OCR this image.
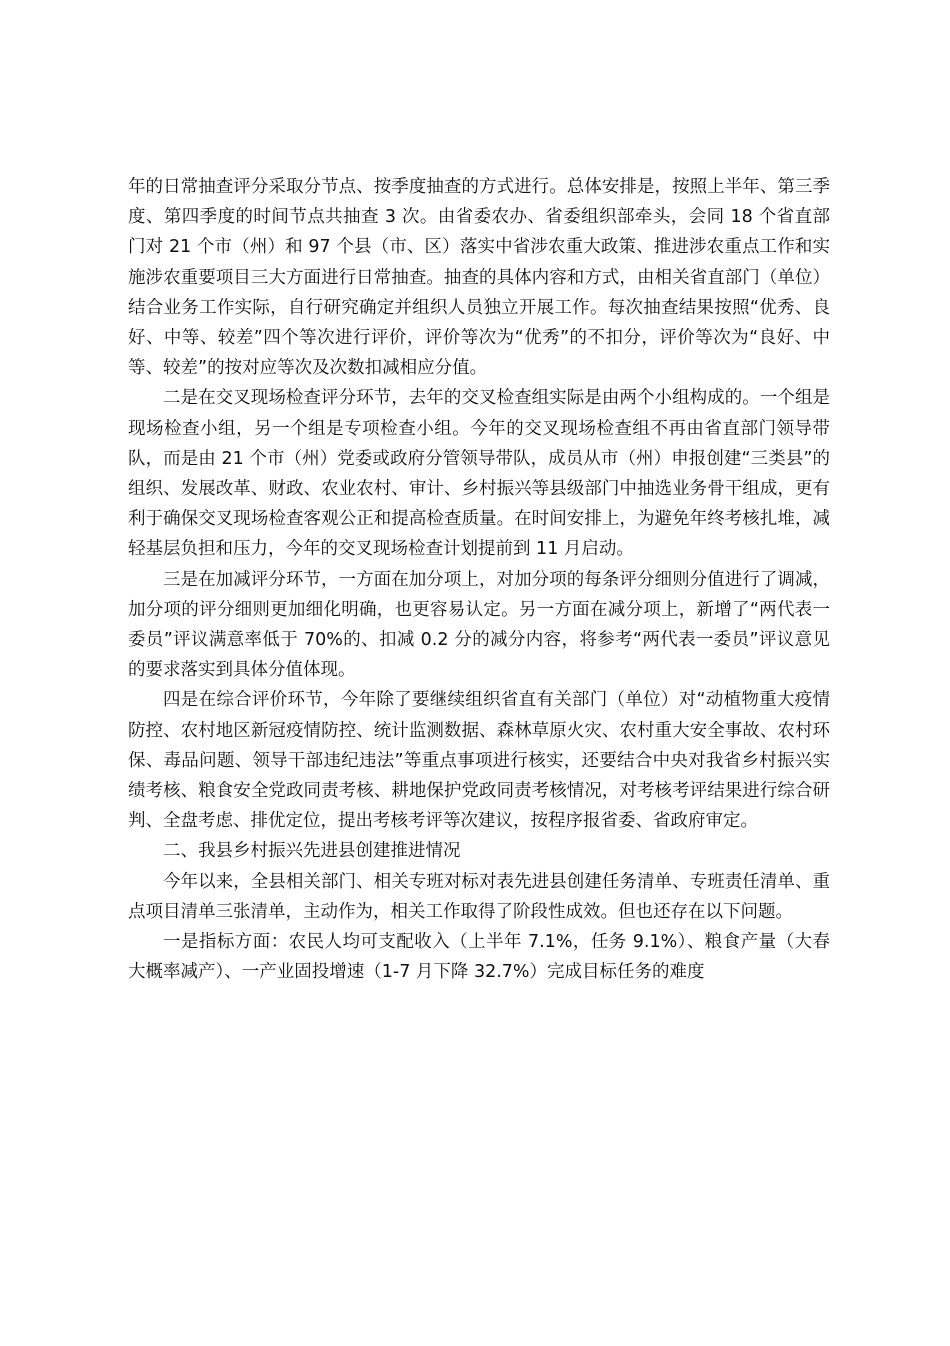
年的日常抽查评分采取分节点、按季度抽查的方式进行。总体安排是，按照上半年、第三季度、第四季度的时间节点共抽查 3 次。由省委农办、省委组织部牵头，会同 18 个省直部门对 21 个市（州）和 97 个县（市、区）落实中省涉农重大政策、推进涉农重点工作和实施涉农重要项目三大方面进行日常抽查。抽查的具体内容和方式，由相关省直部门（单位）结合业务工作实际，自行研究确定并组织人员独立开展工作。每次抽查结果按照“优秀、良好、中等、较差”四个等次进行评价，评价等次为“优秀”的不扣分，评价等次为“良好、中等、较差”的按对应等次及次数扣减相应分值。

二是在交叉现场检查评分环节，去年的交叉检查组实际是由两个小组构成的。一个组是现场检查小组，另一个组是专项检查小组。今年的交叉现场检查组不再由省直部门领导带队，而是由 21 个市（州）党委或政府分管领导带队，成员从市（州）申报创建“三类县”的组织、发展改革、财政、农业农村、审计、乡村振兴等县级部门中抽选业务骨干组成，更有利于确保交叉现场检查客观公正和提高检查质量。在时间安排上，为避免年终考核扎堆，减轻基层负担和压力，今年的交叉现场检查计划提前到 11 月启动。

三是在加减评分环节，一方面在加分项上，对加分项的每条评分细则分值进行了调减，加分项的评分细则更加细化明确，也更容易认定。另一方面在减分项上，新增了“两代表一委员”评议满意率低于 70%的、扣减 0.2 分的减分内容，将参考“两代表一委员”评议意见的要求落实到具体分值体现。

四是在综合评价环节，今年除了要继续组织省直有关部门（单位）对“动植物重大疫情防控、农村地区新冠疫情防控、统计监测数据、森林草原火灾、农村重大安全事故、农村环保、毒品问题、领导干部违纪违法”等重点事项进行核实，还要结合中央对我省乡村振兴实绩考核、粮食安全党政同责考核、耕地保护党政同责考核情况，对考核考评结果进行综合研判、全盘考虑、排优定位，提出考核考评等次建议，按程序报省委、省政府审定。

二、我县乡村振兴先进县创建推进情况

今年以来，全县相关部门、相关专班对标对表先进县创建任务清单、专班责任清单、重点项目清单三张清单，主动作为，相关工作取得了阶段性成效。但也还存在以下问题。

一是指标方面：农民人均可支配收入（上半年 7.1%，任务 9.1%）、粮食产量（大春大概率减产）、一产业固投增速（1-7 月下降 32.7%）完成目标任务的难度
